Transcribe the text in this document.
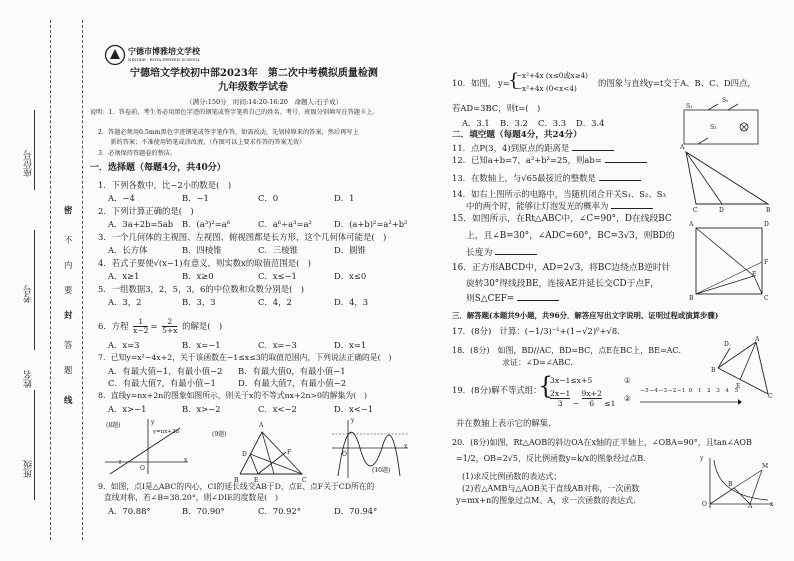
座位号
考号
姓名
班级
密
封
线
内
不
要
答
题
宁德市博雅培文学校
NINGDE · BOYA PEIWEN SCHOOL
宁德培文学校初中部2023年　第二次中考模拟质量检测
九年级数学试卷
（满分:150分　时间:14:20-16:20　命题人:石子成）
说明：1．答卷前，考生务必用黑色字迹的钢笔或签字笔将自己的姓名、考号、班级分别填写在答题卡上。
2．答题必须用0.5mm黑色字迹钢笔或签字笔作答，如需改动，先划掉原来的答案，然后再写上
　　新的答案；不准使用铅笔或涂改液，（作图可以上要求作答的答案无效）
3．必须保持答题卷的整洁。
一．选择题（每题4分，共40分）
1．下列各数中，比−2小的数是(　)
A．−4	B．−1	C．0	D．1
2．下列计算正确的是(　)
A．3a+2b=5ab B．(a³)²=a⁶	C．a⁶÷a³=a²	D．(a+b)²=a²+b²
3．一个几何体的主视图、左视图、俯视图都是长方形，这个几何体可能是(　)
A．长方体	B．四棱锥	C．三棱锥	D．圆锥
4．若式子要使√(x−1)有意义，则实数x的取值范围是(　)
A．x≥1	B．x≥0	C．x≤−1	D．x≤0
5．一组数据3，2，5，3，6的中位数和众数分别是(　)
A．3，2	B．3，3	C．4，2	D．4，3
6．方程 $\frac{1}{x-2} = \frac{2}{5+x}$ 的解是(　)
A．x=3	B．x=−1	C．x=−3	D．x=1
7．已知y=x²−4x+2，关于该函数在−1≤x≤3的取值范围内，下列说法正确的是(　)
A．有最大值−1，有最小值−2 B．有最大值0，有最小值−1
C．有最大值7，有最小值−1	D．有最大值7，有最小值−2
8．直线y=nx+2n的图象如图所示，则关于x的不等式nx+2n>0的解集为(　)
A．x>−1	B．x>−2	C．x<−2	D．x<−1
(8题)
y=nx+2n
O
x
y	A
B	C
D
E
F
(9题)
O
x
y
(10题)
9．如图，点I是△ABC的内心，CI的延长线交AB于D，点E、点F关于CD所在的
直线对称，若∠B=38.20°，则∠DIE的度数是(　)
A．70.88°	B．70.90°	C．70.92°	D．70.94°
10．如图， y=
{
−x²+4x (x≤0或x≥4)
−x²+4x (0<x<4)
的图象与直线y=t交于A、B、C、D四点，
若AD=3BC，则t=(　)
A．3.1 B．3.2 C．3.3 D．3.4
S₁
S₂
S₃
二．填空题（每题4分，共24分）
11．点P(3，4)到原点的距离是
12．已知a+b=7，a²+b²=25，则ab=
13．在数轴上，与√65最接近的整数是
14．如右上图所示的电路中，当随机闭合开关S₁、S₂、S₃
中的两个时，能够让灯泡发光的概率为
15．如图所示，在Rt△ABC中，∠C=90°，D在线段BC
上，且∠B=30°，∠ADC=60°，BC=3√3，则BD的
长度为
A
C	D	B
A	D
B	C
E
F
16．正方形ABCD中，AD=2√3，将BC边绕点B逆时针
旋转30°得线段BE，连接AE并延长交CD于点F，
则S△CEF=
三．解答题(本题共9小题，共96分．解答应写出文字说明、证明过程或演算步骤)
17．(8分)　计算：(−1/3)⁻¹+(1−√2)⁰+√8．
18．(8分)　如图，BD//AC，BD=BC，点E在BC上，BE=AC．
求证：∠D=∠ABC．
D
A
B
E
C
19．(8分)解不等式组：
{
3x−1≤x+5	①
$\frac{2x-1}{3} - \frac{9x+2}{6} \le 1$
②
−5−4−3−2−1 0 1 2 3 4 5
并在数轴上表示它的解集．
20．(8分)如图，Rt△AOB的斜边OA在x轴的正半轴上，∠OBA=90°，且tan∠AOB
=1/2，OB=2√5，反比例函数y=k/x的图象经过点B．
(1)求反比例函数的表达式；
(2)若△AMB与△AOB关于直线AB对称，一次函数
y=mx+n的图象过点M、A，求一次函数的表达式．
y
O	A
B
M
x
